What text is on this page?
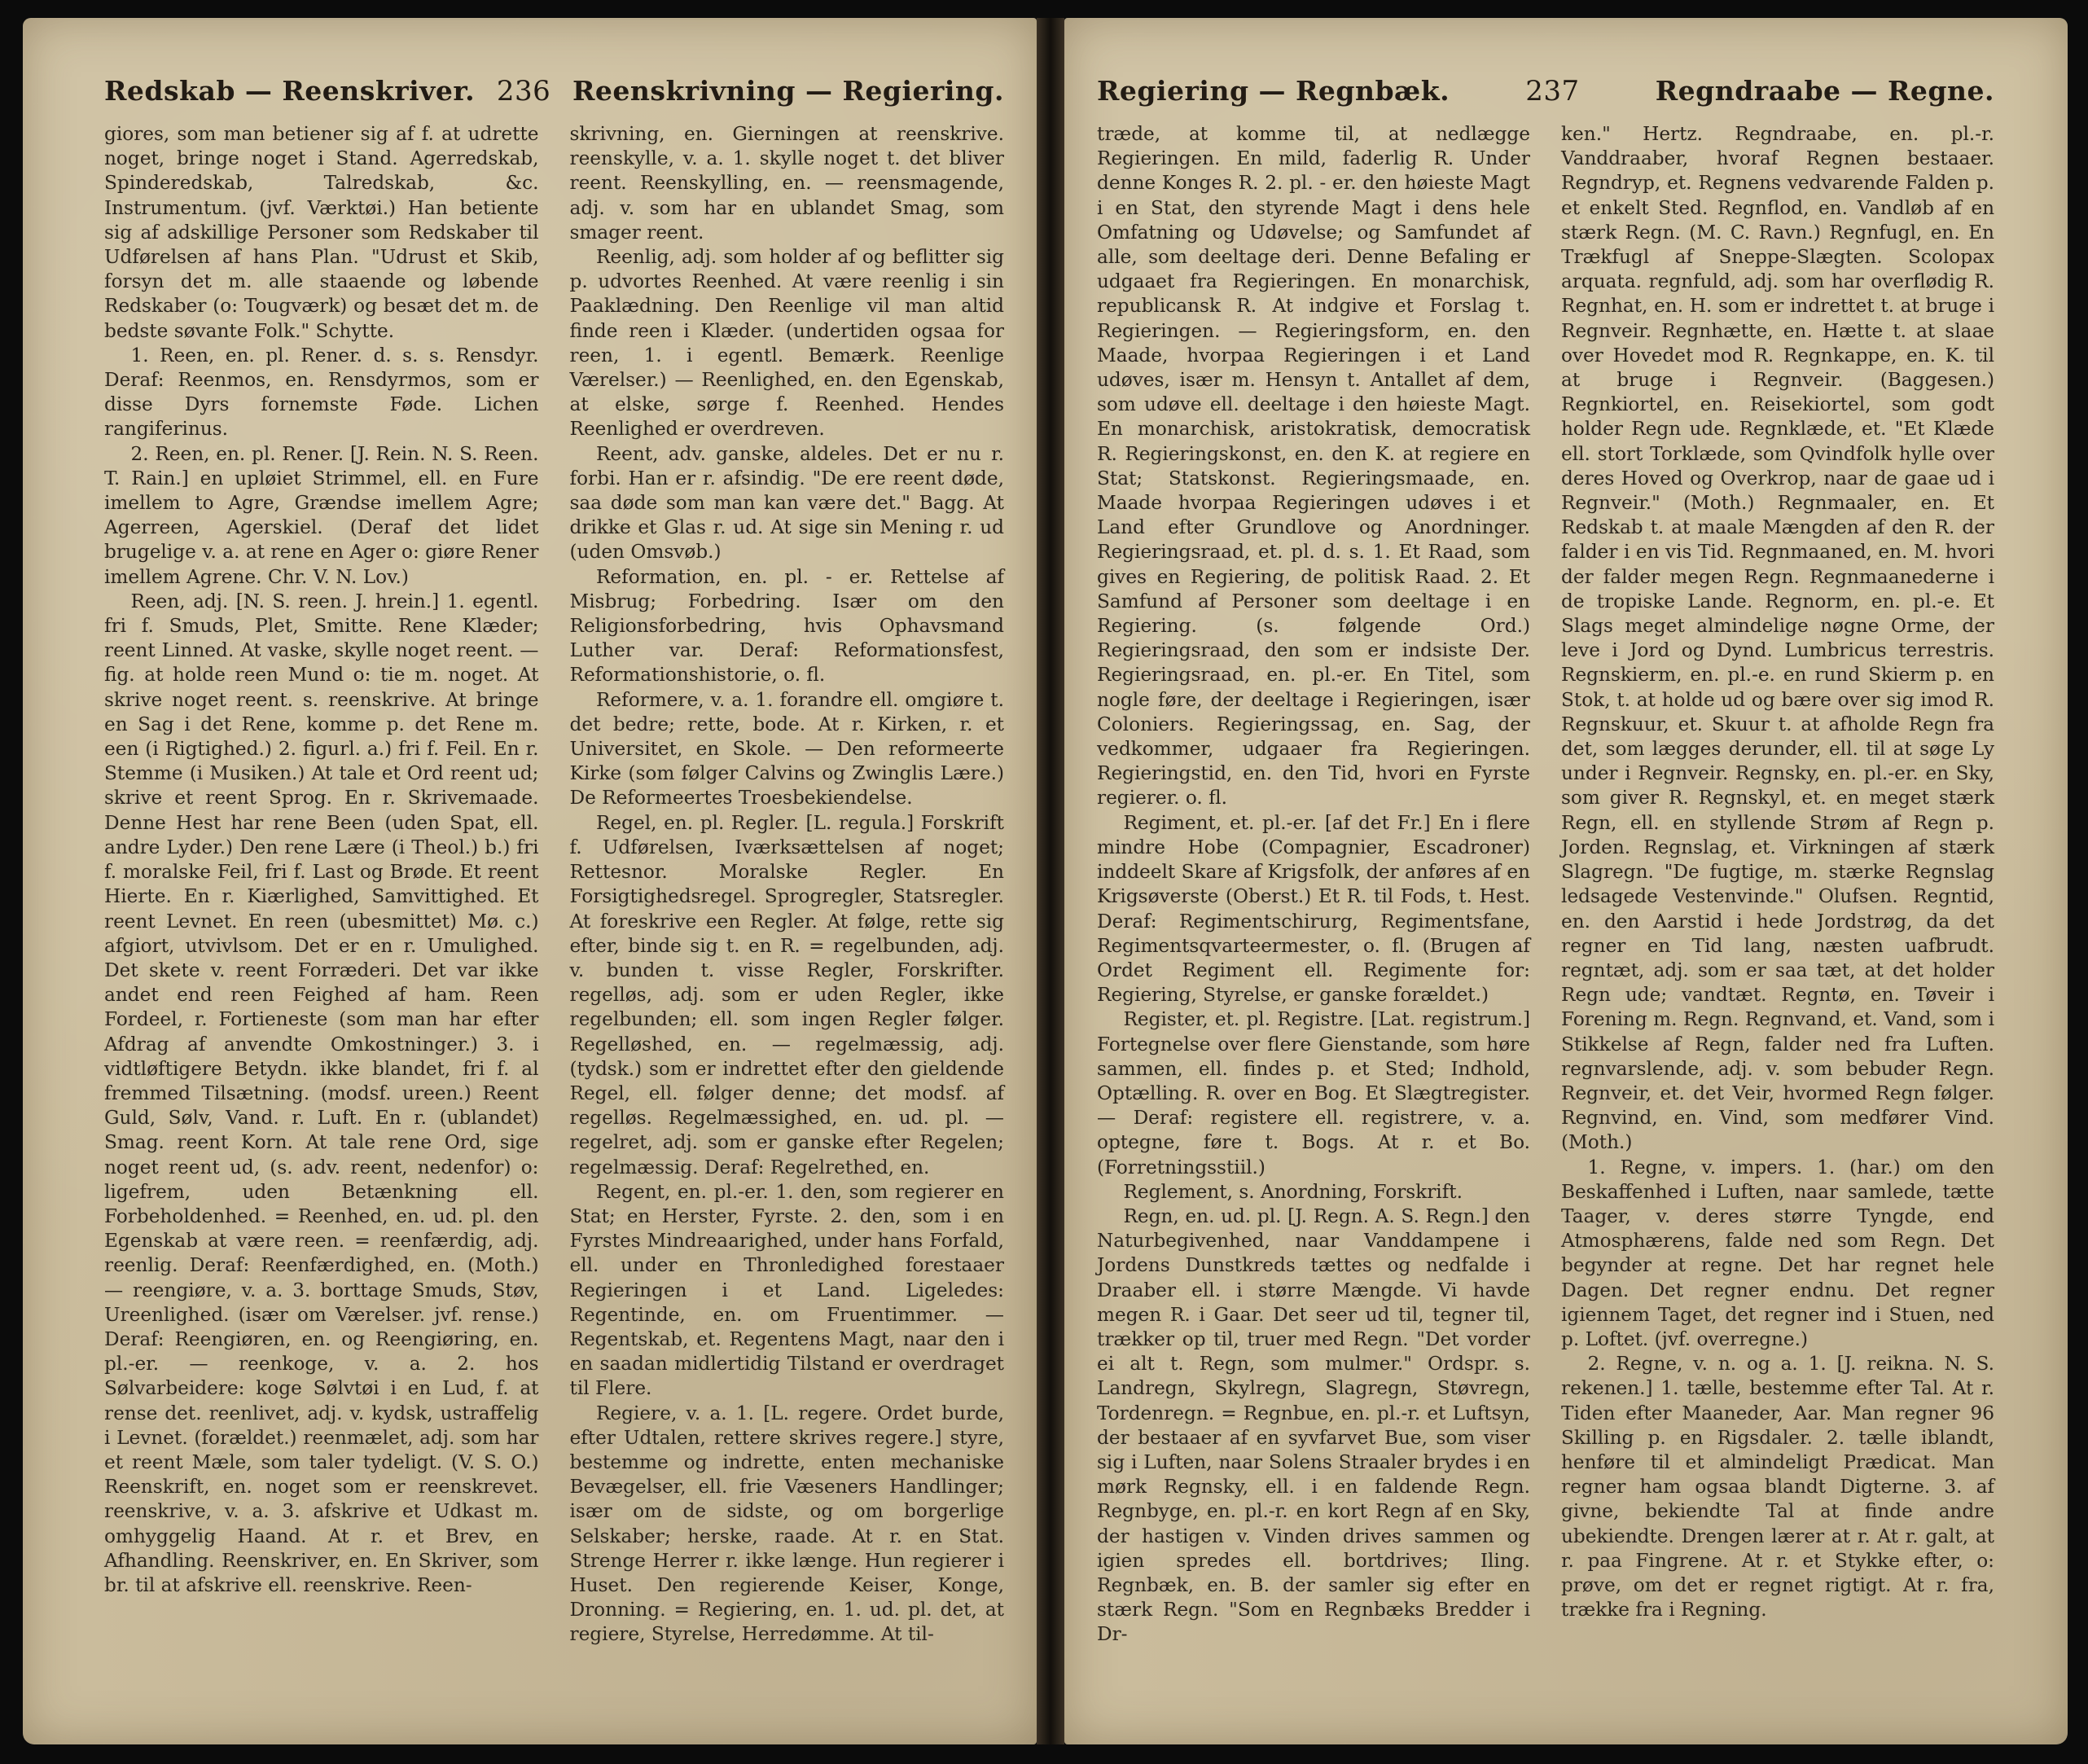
Redskab — Reenskriver. 236 Reenskrivning — Regiering.

giores, som man betiener sig af f. at udrette noget, bringe noget i Stand. Agerredskab, Spinderedskab, Talredskab, &c. Instrumentum. (jvf. Værktøi.) Han betiente sig af adskillige Personer som Redskaber til Udførelsen af hans Plan. "Udrust et Skib, forsyn det m. alle staaende og løbende Redskaber (o: Tougværk) og besæt det m. de bedste søvante Folk." Schytte.

1. Reen, en. pl. Rener. d. s. s. Rensdyr. Deraf: Reenmos, en. Rensdyrmos, som er disse Dyrs fornemste Føde. Lichen rangiferinus.

2. Reen, en. pl. Rener. [J. Rein. N. S. Reen. T. Rain.] en upløiet Strimmel, ell. en Fure imellem to Agre, Grændse imellem Agre; Agerreen, Agerskiel. (Deraf det lidet brugelige v. a. at rene en Ager o: giøre Rener imellem Agrene. Chr. V. N. Lov.)

Reen, adj. [N. S. reen. J. hrein.] 1. egentl. fri f. Smuds, Plet, Smitte. Rene Klæder; reent Linned. At vaske, skylle noget reent. — fig. at holde reen Mund o: tie m. noget. At skrive noget reent. s. reenskrive. At bringe en Sag i det Rene, komme p. det Rene m. een (i Rigtighed.) 2. figurl. a.) fri f. Feil. En r. Stemme (i Musiken.) At tale et Ord reent ud; skrive et reent Sprog. En r. Skrivemaade. Denne Hest har rene Been (uden Spat, ell. andre Lyder.) Den rene Lære (i Theol.) b.) fri f. moralske Feil, fri f. Last og Brøde. Et reent Hierte. En r. Kiærlighed, Samvittighed. Et reent Levnet. En reen (ubesmittet) Mø. c.) afgiort, utvivlsom. Det er en r. Umulighed. Det skete v. reent Forræderi. Det var ikke andet end reen Feighed af ham. Reen Fordeel, r. Fortieneste (som man har efter Afdrag af anvendte Omkostninger.) 3. i vidtløftigere Betydn. ikke blandet, fri f. al fremmed Tilsætning. (modsf. ureen.) Reent Guld, Sølv, Vand. r. Luft. En r. (ublandet) Smag. reent Korn. At tale rene Ord, sige noget reent ud, (s. adv. reent, nedenfor) o: ligefrem, uden Betænkning ell. Forbeholdenhed. = Reenhed, en. ud. pl. den Egenskab at være reen. = reenfærdig, adj. reenlig. Deraf: Reenfærdighed, en. (Moth.) — reengiøre, v. a. 3. borttage Smuds, Støv, Ureenlighed. (især om Værelser. jvf. rense.) Deraf: Reengiøren, en. og Reengiøring, en. pl.-er. — reenkoge, v. a. 2. hos Sølvarbeidere: koge Sølvtøi i en Lud, f. at rense det. reenlivet, adj. v. kydsk, ustraffelig i Levnet. (forældet.) reenmælet, adj. som har et reent Mæle, som taler tydeligt. (V. S. O.) Reenskrift, en. noget som er reenskrevet. reenskrive, v. a. 3. afskrive et Udkast m. omhyggelig Haand. At r. et Brev, en Afhandling. Reenskriver, en. En Skriver, som br. til at afskrive ell. reenskrive. Reen-

skrivning, en. Gierningen at reenskrive. reenskylle, v. a. 1. skylle noget t. det bliver reent. Reenskylling, en. — reensmagende, adj. v. som har en ublandet Smag, som smager reent.

Reenlig, adj. som holder af og beflitter sig p. udvortes Reenhed. At være reenlig i sin Paaklædning. Den Reenlige vil man altid finde reen i Klæder. (undertiden ogsaa for reen, 1. i egentl. Bemærk. Reenlige Værelser.) — Reenlighed, en. den Egenskab, at elske, sørge f. Reenhed. Hendes Reenlighed er overdreven.

Reent, adv. ganske, aldeles. Det er nu r. forbi. Han er r. afsindig. "De ere reent døde, saa døde som man kan være det." Bagg. At drikke et Glas r. ud. At sige sin Mening r. ud (uden Omsvøb.)

Reformation, en. pl. - er. Rettelse af Misbrug; Forbedring. Især om den Religionsforbedring, hvis Ophavsmand Luther var. Deraf: Reformationsfest, Reformationshistorie, o. fl.

Reformere, v. a. 1. forandre ell. omgiøre t. det bedre; rette, bode. At r. Kirken, r. et Universitet, en Skole. — Den reformeerte Kirke (som følger Calvins og Zwinglis Lære.) De Reformeertes Troesbekiendelse.

Regel, en. pl. Regler. [L. regula.] Forskrift f. Udførelsen, Iværksættelsen af noget; Rettesnor. Moralske Regler. En Forsigtighedsregel. Sprogregler, Statsregler. At foreskrive een Regler. At følge, rette sig efter, binde sig t. en R. = regelbunden, adj. v. bunden t. visse Regler, Forskrifter. regelløs, adj. som er uden Regler, ikke regelbunden; ell. som ingen Regler følger. Regelløshed, en. — regelmæssig, adj. (tydsk.) som er indrettet efter den gieldende Regel, ell. følger denne; det modsf. af regelløs. Regelmæssighed, en. ud. pl. — regelret, adj. som er ganske efter Regelen; regelmæssig. Deraf: Regelrethed, en.

Regent, en. pl.-er. 1. den, som regierer en Stat; en Herster, Fyrste. 2. den, som i en Fyrstes Mindreaarighed, under hans Forfald, ell. under en Thronledighed forestaaer Regieringen i et Land. Ligeledes: Regentinde, en. om Fruentimmer. — Regentskab, et. Regentens Magt, naar den i en saadan midlertidig Tilstand er overdraget til Flere.

Regiere, v. a. 1. [L. regere. Ordet burde, efter Udtalen, rettere skrives regere.] styre, bestemme og indrette, enten mechaniske Bevægelser, ell. frie Væseners Handlinger; især om de sidste, og om borgerlige Selskaber; herske, raade. At r. en Stat. Strenge Herrer r. ikke længe. Hun regierer i Huset. Den regierende Keiser, Konge, Dronning. = Regiering, en. 1. ud. pl. det, at regiere, Styrelse, Herredømme. At til-

Regiering — Regnbæk.	237	Regndraabe — Regne.

træde, at komme til, at nedlægge Regieringen. En mild, faderlig R. Under denne Konges R. 2. pl. - er. den høieste Magt i en Stat, den styrende Magt i dens hele Omfatning og Udøvelse; og Samfundet af alle, som deeltage deri. Denne Befaling er udgaaet fra Regieringen. En monarchisk, republicansk R. At indgive et Forslag t. Regieringen. — Regieringsform, en. den Maade, hvorpaa Regieringen i et Land udøves, især m. Hensyn t. Antallet af dem, som udøve ell. deeltage i den høieste Magt. En monarchisk, aristokratisk, democratisk R. Regieringskonst, en. den K. at regiere en Stat; Statskonst. Regieringsmaade, en. Maade hvorpaa Regieringen udøves i et Land efter Grundlove og Anordninger. Regieringsraad, et. pl. d. s. 1. Et Raad, som gives en Regiering, de politisk Raad. 2. Et Samfund af Personer som deeltage i en Regiering. (s. følgende Ord.) Regieringsraad, den som er indsiste Der. Regieringsraad, en. pl.-er. En Titel, som nogle føre, der deeltage i Regieringen, især Coloniers. Regieringssag, en. Sag, der vedkommer, udgaaer fra Regieringen. Regieringstid, en. den Tid, hvori en Fyrste regierer. o. fl.

Regiment, et. pl.-er. [af det Fr.] En i flere mindre Hobe (Compagnier, Escadroner) inddeelt Skare af Krigsfolk, der anføres af en Krigsøverste (Oberst.) Et R. til Fods, t. Hest. Deraf: Regimentschirurg, Regimentsfane, Regimentsqvarteermester, o. fl. (Brugen af Ordet Regiment ell. Regimente for: Regiering, Styrelse, er ganske forældet.)

Register, et. pl. Registre. [Lat. registrum.] Fortegnelse over flere Gienstande, som høre sammen, ell. findes p. et Sted; Indhold, Optælling. R. over en Bog. Et Slægtregister. — Deraf: registere ell. registrere, v. a. optegne, føre t. Bogs. At r. et Bo. (Forretningsstiil.)

Reglement, s. Anordning, Forskrift.

Regn, en. ud. pl. [J. Regn. A. S. Regn.] den Naturbegivenhed, naar Vanddampene i Jordens Dunstkreds tættes og nedfalde i Draaber ell. i større Mængde. Vi havde megen R. i Gaar. Det seer ud til, tegner til, trækker op til, truer med Regn. "Det vorder ei alt t. Regn, som mulmer." Ordspr. s. Landregn, Skylregn, Slagregn, Støvregn, Tordenregn. = Regnbue, en. pl.-r. et Luftsyn, der bestaaer af en syvfarvet Bue, som viser sig i Luften, naar Solens Straaler brydes i en mørk Regnsky, ell. i en faldende Regn. Regnbyge, en. pl.-r. en kort Regn af en Sky, der hastigen v. Vinden drives sammen og igien spredes ell. bortdrives; Iling. Regnbæk, en. B. der samler sig efter en stærk Regn. "Som en Regnbæks Bredder i Dr-

ken." Hertz. Regndraabe, en. pl.-r. Vanddraaber, hvoraf Regnen bestaaer. Regndryp, et. Regnens vedvarende Falden p. et enkelt Sted. Regnflod, en. Vandløb af en stærk Regn. (M. C. Ravn.) Regnfugl, en. En Trækfugl af Sneppe-Slægten. Scolopax arquata. regnfuld, adj. som har overflødig R. Regnhat, en. H. som er indrettet t. at bruge i Regnveir. Regnhætte, en. Hætte t. at slaae over Hovedet mod R. Regnkappe, en. K. til at bruge i Regnveir. (Baggesen.) Regnkiortel, en. Reisekiortel, som godt holder Regn ude. Regnklæde, et. "Et Klæde ell. stort Torklæde, som Qvindfolk hylle over deres Hoved og Overkrop, naar de gaae ud i Regnveir." (Moth.) Regnmaaler, en. Et Redskab t. at maale Mængden af den R. der falder i en vis Tid. Regnmaaned, en. M. hvori der falder megen Regn. Regnmaanederne i de tropiske Lande. Regnorm, en. pl.-e. Et Slags meget almindelige nøgne Orme, der leve i Jord og Dynd. Lumbricus terrestris. Regnskierm, en. pl.-e. en rund Skierm p. en Stok, t. at holde ud og bære over sig imod R. Regnskuur, et. Skuur t. at afholde Regn fra det, som lægges derunder, ell. til at søge Ly under i Regnveir. Regnsky, en. pl.-er. en Sky, som giver R. Regnskyl, et. en meget stærk Regn, ell. en styllende Strøm af Regn p. Jorden. Regnslag, et. Virkningen af stærk Slagregn. "De fugtige, m. stærke Regnslag ledsagede Vestenvinde." Olufsen. Regntid, en. den Aarstid i hede Jordstrøg, da det regner en Tid lang, næsten uafbrudt. regntæt, adj. som er saa tæt, at det holder Regn ude; vandtæt. Regntø, en. Tøveir i Forening m. Regn. Regnvand, et. Vand, som i Stikkelse af Regn, falder ned fra Luften. regnvarslende, adj. v. som bebuder Regn. Regnveir, et. det Veir, hvormed Regn følger. Regnvind, en. Vind, som medfører Vind. (Moth.)

1. Regne, v. impers. 1. (har.) om den Beskaffenhed i Luften, naar samlede, tætte Taager, v. deres større Tyngde, end Atmosphærens, falde ned som Regn. Det begynder at regne. Det har regnet hele Dagen. Det regner endnu. Det regner igiennem Taget, det regner ind i Stuen, ned p. Loftet. (jvf. overregne.)

2. Regne, v. n. og a. 1. [J. reikna. N. S. rekenen.] 1. tælle, bestemme efter Tal. At r. Tiden efter Maaneder, Aar. Man regner 96 Skilling p. en Rigsdaler. 2. tælle iblandt, henføre til et almindeligt Prædicat. Man regner ham ogsaa blandt Digterne. 3. af givne, bekiendte Tal at finde andre ubekiendte. Drengen lærer at r. At r. galt, at r. paa Fingrene. At r. et Stykke efter, o: prøve, om det er regnet rigtigt. At r. fra, trække fra i Regning.
